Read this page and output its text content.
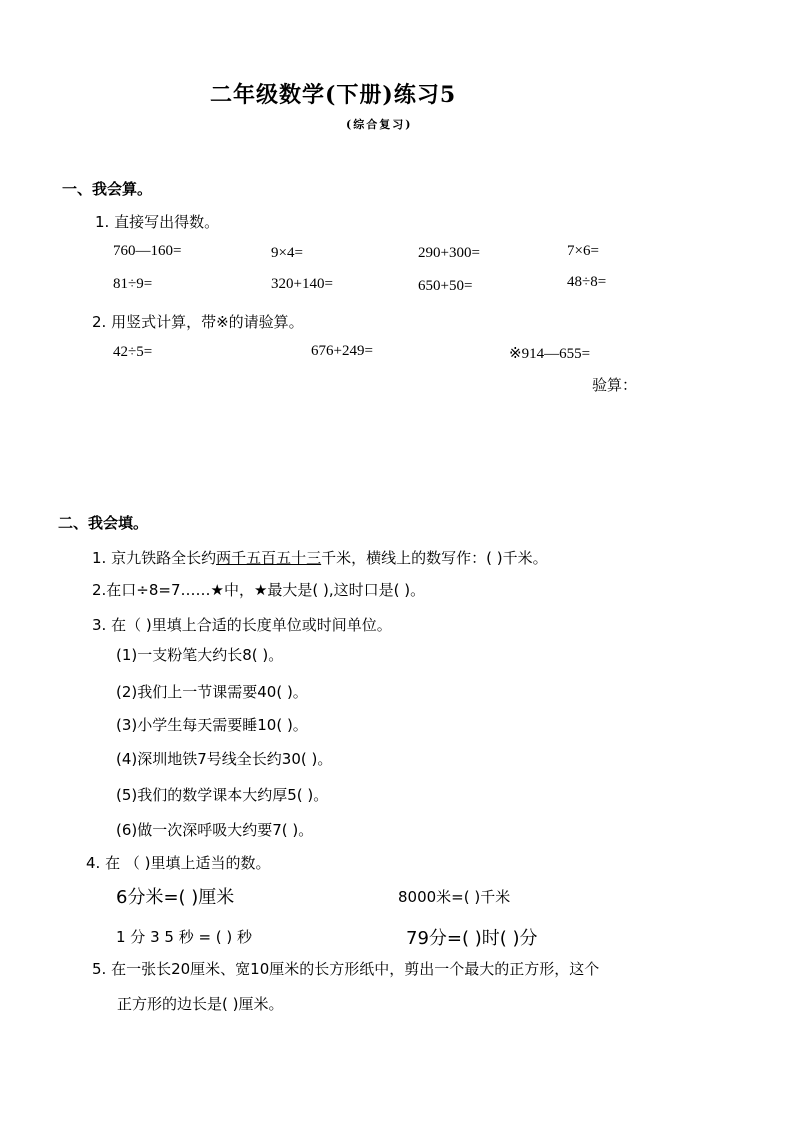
二年级数学(下册)练习5
(综合复习)
一、我会算。
1. 直接写出得数。
760—160=	9×4=	290+300=	7×6=
81÷9=	320+140=	650+50=	48÷8=
2. 用竖式计算，带※的请验算。
42÷5=	676+249=	※914—655=
验算：
二、我会填。
1. 京九铁路全长约两千五百五十三千米，横线上的数写作：( )千米。
2.在口÷8=7……★中，★最大是( ),这时口是( )。
3. 在（ )里填上合适的长度单位或时间单位。
(1)一支粉笔大约长8( )。
(2)我们上一节课需要40( )。
(3)小学生每天需要睡10( )。
(4)深圳地铁7号线全长约30( )。
(5)我们的数学课本大约厚5( )。
(6)做一次深呼吸大约要7( )。
4. 在 （ )里填上适当的数。
6分米=( )厘米	8000米=( )千米
1 分 3 5 秒 = ( ) 秒	79分=( )时( )分
5. 在一张长20厘米、宽10厘米的长方形纸中，剪出一个最大的正方形，这个
正方形的边长是( )厘米。
